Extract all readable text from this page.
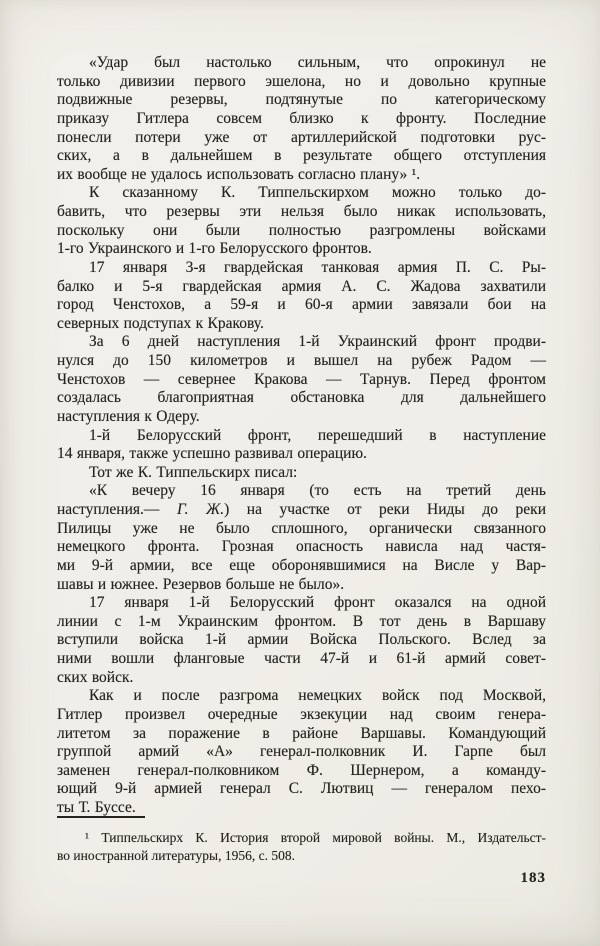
«Удар был настолько сильным, что опрокинул не
только дивизии первого эшелона, но и довольно крупные
подвижные резервы, подтянутые по категорическому
приказу Гитлера совсем близко к фронту. Последние
понесли потери уже от артиллерийской подготовки рус-
ских, а в дальнейшем в результате общего отступления
их вообще не удалось использовать согласно плану» ¹.
К сказанному К. Типпельскирхом можно только до-
бавить, что резервы эти нельзя было никак использовать,
поскольку они были полностью разгромлены войсками
1-го Украинского и 1-го Белорусского фронтов.
17 января 3-я гвардейская танковая армия П. С. Ры-
балко и 5-я гвардейская армия А. С. Жадова захватили
город Ченстохов, а 59-я и 60-я армии завязали бои на
северных подступах к Кракову.
За 6 дней наступления 1-й Украинский фронт продви-
нулся до 150 километров и вышел на рубеж Радом —
Ченстохов — севернее Кракова — Тарнув. Перед фронтом
создалась благоприятная обстановка для дальнейшего
наступления к Одеру.
1-й Белорусский фронт, перешедший в наступление
14 января, также успешно развивал операцию.
Тот же К. Типпельскирх писал:
«К вечеру 16 января (то есть на третий день
наступления.— Г. Ж.) на участке от реки Ниды до реки
Пилицы уже не было сплошного, органически связанного
немецкого фронта. Грозная опасность нависла над частя-
ми 9-й армии, все еще оборонявшимися на Висле у Вар-
шавы и южнее. Резервов больше не было».
17 января 1-й Белорусский фронт оказался на одной
линии с 1-м Украинским фронтом. В тот день в Варшаву
вступили войска 1-й армии Войска Польского. Вслед за
ними вошли фланговые части 47-й и 61-й армий совет-
ских войск.
Как и после разгрома немецких войск под Москвой,
Гитлер произвел очередные экзекуции над своим генера-
литетом за поражение в районе Варшавы. Командующий
группой армий «А» генерал-полковник И. Гарпе был
заменен генерал-полковником Ф. Шернером, а команду-
ющий 9-й армией генерал С. Лютвиц — генералом пехо-
ты Т. Буссе.
¹ Типпельскирх К. История второй мировой войны. М., Издательст-
во иностранной литературы, 1956, с. 508.
183
